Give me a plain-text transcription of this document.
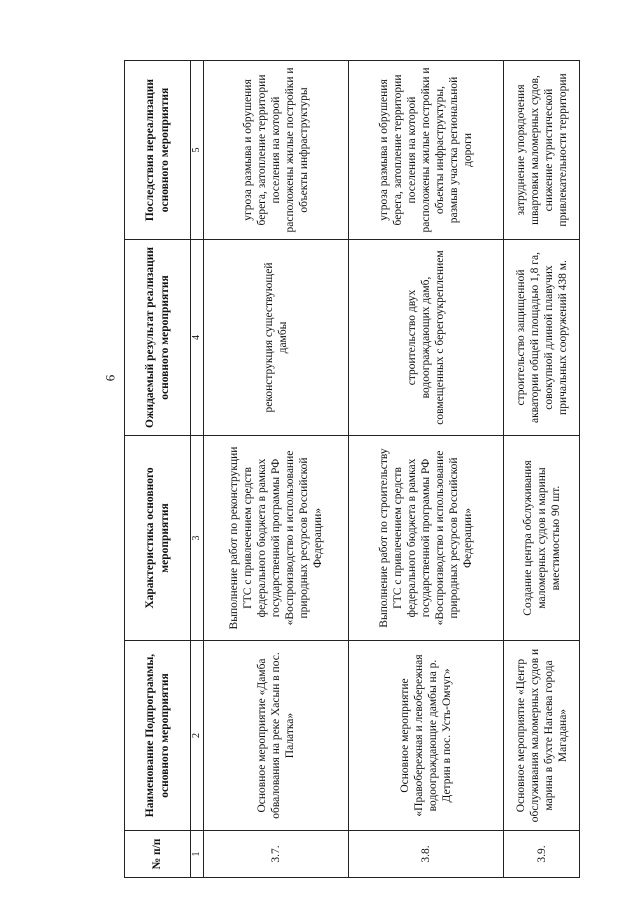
6
№ п/п	Наименование Подпрограммы, основного мероприятия	Характеристика основного мероприятия	Ожидаемый результат реализации основного мероприятия	Последствия нереализации основного мероприятия
1	2	3	4	5
3.7.	Основное мероприятие «Дамба обвалования на реке Хасын в пос. Палатка»	Выполнение работ по реконструкции ГТС с привлечением средств федерального бюджета в рамках государственной программы РФ «Воспроизводство и использование природных ресурсов Российской Федерации»	реконструкция существующей дамбы	угроза размыва и обрушения берега, затопление территории поселения на которой расположены жилые постройки и объекты инфраструктуры
3.8.	Основное мероприятие «Правобережная и левобережная водоограждающие дамбы на р. Детрин в пос. Усть-Омчуг»	Выполнение работ по строительству ГТС с привлечением средств федерального бюджета в рамках государственной программы РФ «Воспроизводство и использование природных ресурсов Российской Федерации»	строительство двух водоограждающих дамб, совмещенных с берегоукреплением	угроза размыва и обрушения берега, затопление территории поселения на которой расположены жилые постройки и объекты инфраструктуры, размыв участка региональной дороги
3.9.	Основное мероприятие «Центр обслуживания маломерных судов и марина в бухте Нагаева города Магадана»	Создание центра обслуживания маломерных судов и марины вместимостью 90 шт.	строительство защищенной акватории общей площадью 1,8 га, совокупной длиной плавучих причальных сооружений 438 м.	затруднение упорядочения швартовки маломерных судов, снижение туристической привлекательности территории
